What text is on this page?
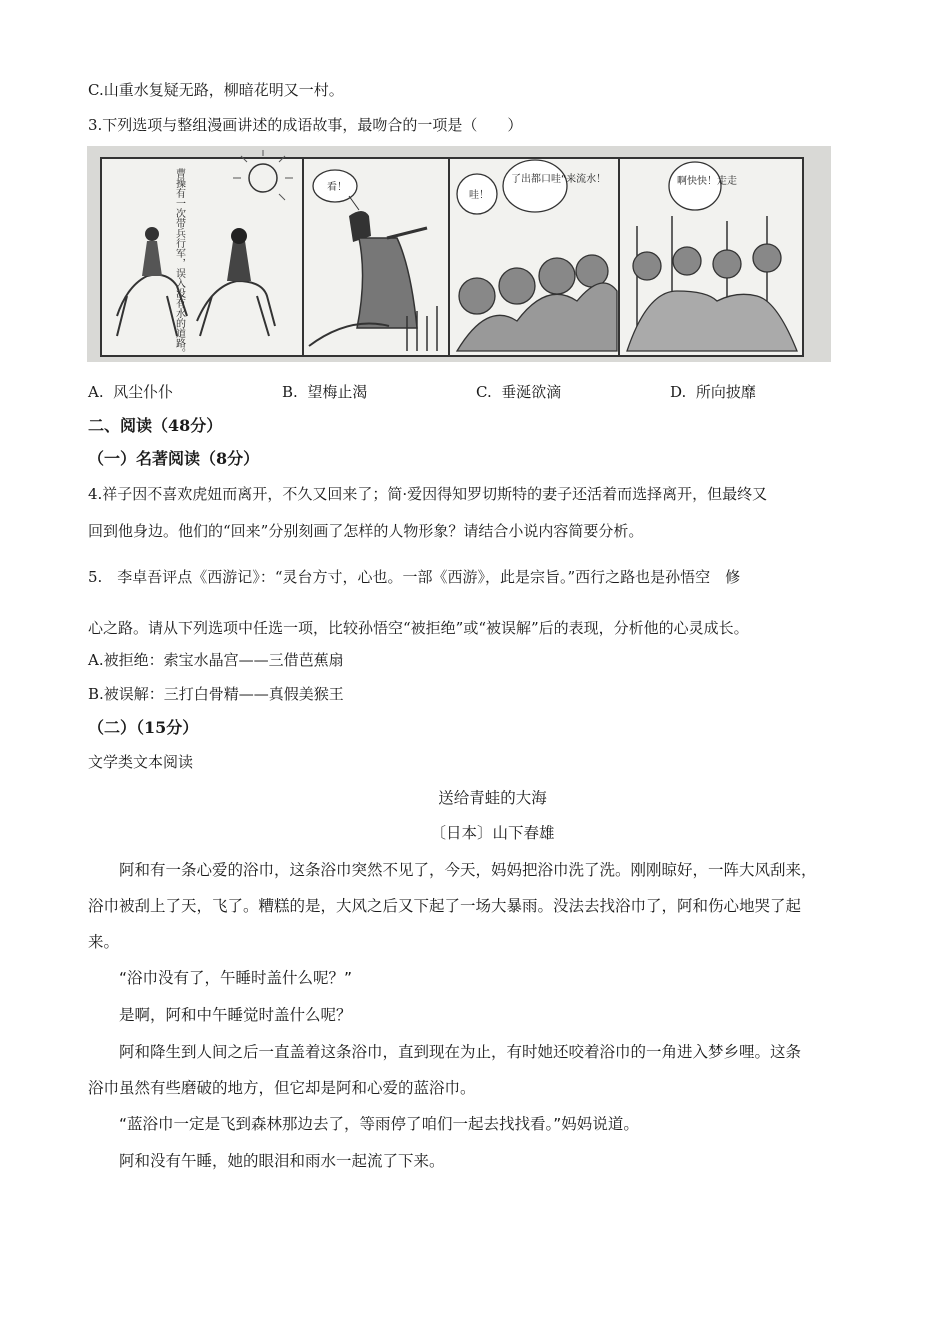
C.山重水复疑无路，柳暗花明又一村。
3.下列选项与整组漫画讲述的成语故事，最吻合的一项是（　　）
曹操有一次带兵行军，误入没有水的道路。	看！
哇！
了出都口哇“来流水！	啊快快！走走
A. 风尘仆仆	B. 望梅止渴	C. 垂涎欲滴	D. 所向披靡
二、阅读（48分）
（一）名著阅读（8分）
4.祥子因不喜欢虎妞而离开，不久又回来了；简·爱因得知罗切斯特的妻子还活着而选择离开，但最终又
回到他身边。他们的“回来”分别刻画了怎样的人物形象？请结合小说内容简要分析。
5.　李卓吾评点《西游记》：“灵台方寸，心也。一部《西游》，此是宗旨。”西行之路也是孙悟空　修
心之路。请从下列选项中任选一项，比较孙悟空“被拒绝”或“被误解”后的表现，分析他的心灵成长。
A.被拒绝：索宝水晶宫——三借芭蕉扇
B.被误解：三打白骨精——真假美猴王
（二）（15分）
文学类文本阅读
送给青蛙的大海
〔日本〕山下春雄
　　阿和有一条心爱的浴巾，这条浴巾突然不见了，今天，妈妈把浴巾洗了洗。刚刚晾好，一阵大风刮来，
浴巾被刮上了天，飞了。糟糕的是，大风之后又下起了一场大暴雨。没法去找浴巾了，阿和伤心地哭了起
来。
　　“浴巾没有了，午睡时盖什么呢？”
　　是啊，阿和中午睡觉时盖什么呢？
　　阿和降生到人间之后一直盖着这条浴巾，直到现在为止，有时她还咬着浴巾的一角进入梦乡哩。这条
浴巾虽然有些磨破的地方，但它却是阿和心爱的蓝浴巾。
　　“蓝浴巾一定是飞到森林那边去了，等雨停了咱们一起去找找看。”妈妈说道。
　　阿和没有午睡，她的眼泪和雨水一起流了下来。
